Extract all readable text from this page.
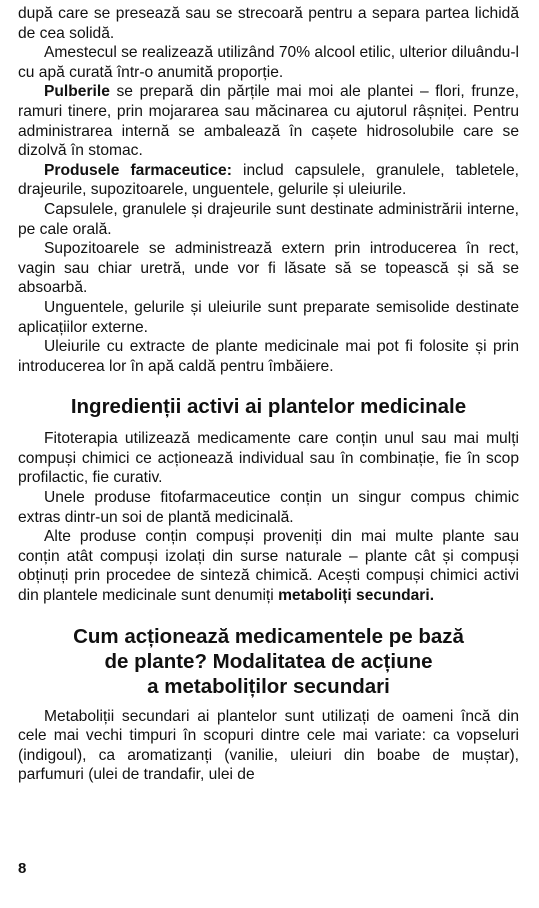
după care se presează sau se strecoară pentru a separa partea lichidă de cea solidă.

Amestecul se realizează utilizând 70% alcool etilic, ulterior diluându-l cu apă curată într-o anumită proporție.

Pulberile se prepară din părțile mai moi ale plantei – flori, frunze, ramuri tinere, prin mojararea sau măcinarea cu ajutorul râșniței. Pentru administrarea internă se ambalează în cașete hidrosolubile care se dizolvă în stomac.

Produsele farmaceutice: includ capsulele, granulele, tabletele, drajeurile, supozitoarele, unguentele, gelurile și uleiurile.

Capsulele, granulele și drajeurile sunt destinate administrării interne, pe cale orală.

Supozitoarele se administrează extern prin introducerea în rect, vagin sau chiar uretră, unde vor fi lăsate să se topească și să se absoarbă.

Unguentele, gelurile și uleiurile sunt preparate semisolide destinate aplicațiilor externe.

Uleiurile cu extracte de plante medicinale mai pot fi folosite și prin introducerea lor în apă caldă pentru îmbăiere.

Ingredienții activi ai plantelor medicinale

Fitoterapia utilizează medicamente care conțin unul sau mai mulți compuși chimici ce acționează individual sau în combinație, fie în scop profilactic, fie curativ.

Unele produse fitofarmaceutice conțin un singur compus chimic extras dintr-un soi de plantă medicinală.

Alte produse conțin compuși proveniți din mai multe plante sau conțin atât compuși izolați din surse naturale – plante cât și compuși obținuți prin procedee de sinteză chimică. Acești compuși chimici activi din plantele medicinale sunt denumiți metaboliți secundari.

Cum acționează medicamentele pe bază
de plante? Modalitatea de acțiune
a metaboliților secundari

Metaboliții secundari ai plantelor sunt utilizați de oameni încă din cele mai vechi timpuri în scopuri dintre cele mai variate: ca vopseluri (indigoul), ca aromatizanți (vanilie, uleiuri din boabe de muștar), parfumuri (ulei de trandafir, ulei de

8
